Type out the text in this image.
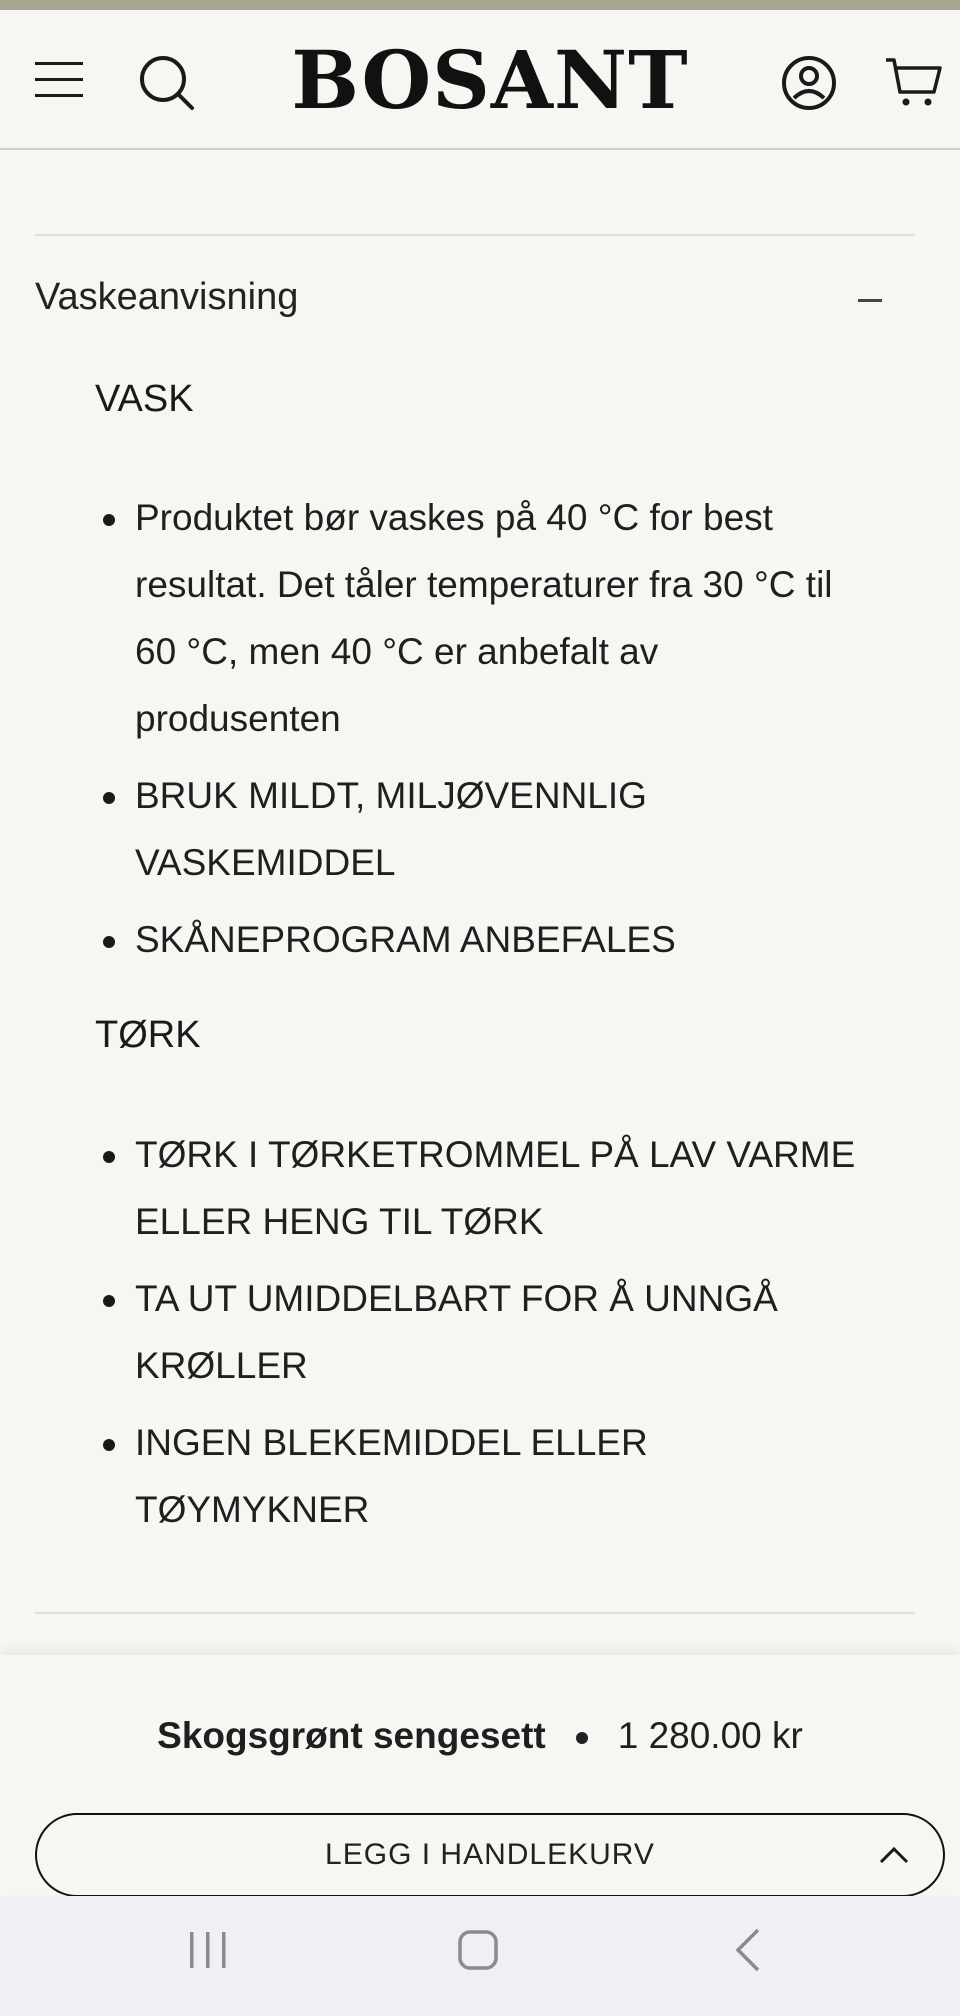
BOSANT
Vaskeanvisning
VASK
Produktet bør vaskes på 40 °C for best resultat. Det tåler temperaturer fra 30 °C til 60 °C, men 40 °C er anbefalt av produsenten
BRUK MILDT, MILJØVENNLIG VASKEMIDDEL
SKÅNEPROGRAM ANBEFALES
TØRK
TØRK I TØRKETROMMEL PÅ LAV VARME ELLER HENG TIL TØRK
TA UT UMIDDELBART FOR Å UNNGÅ KRØLLER
INGEN BLEKEMIDDEL ELLER TØYMYKNER
Skogsgrønt sengesett 1 280.00 kr
LEGG I HANDLEKURV
